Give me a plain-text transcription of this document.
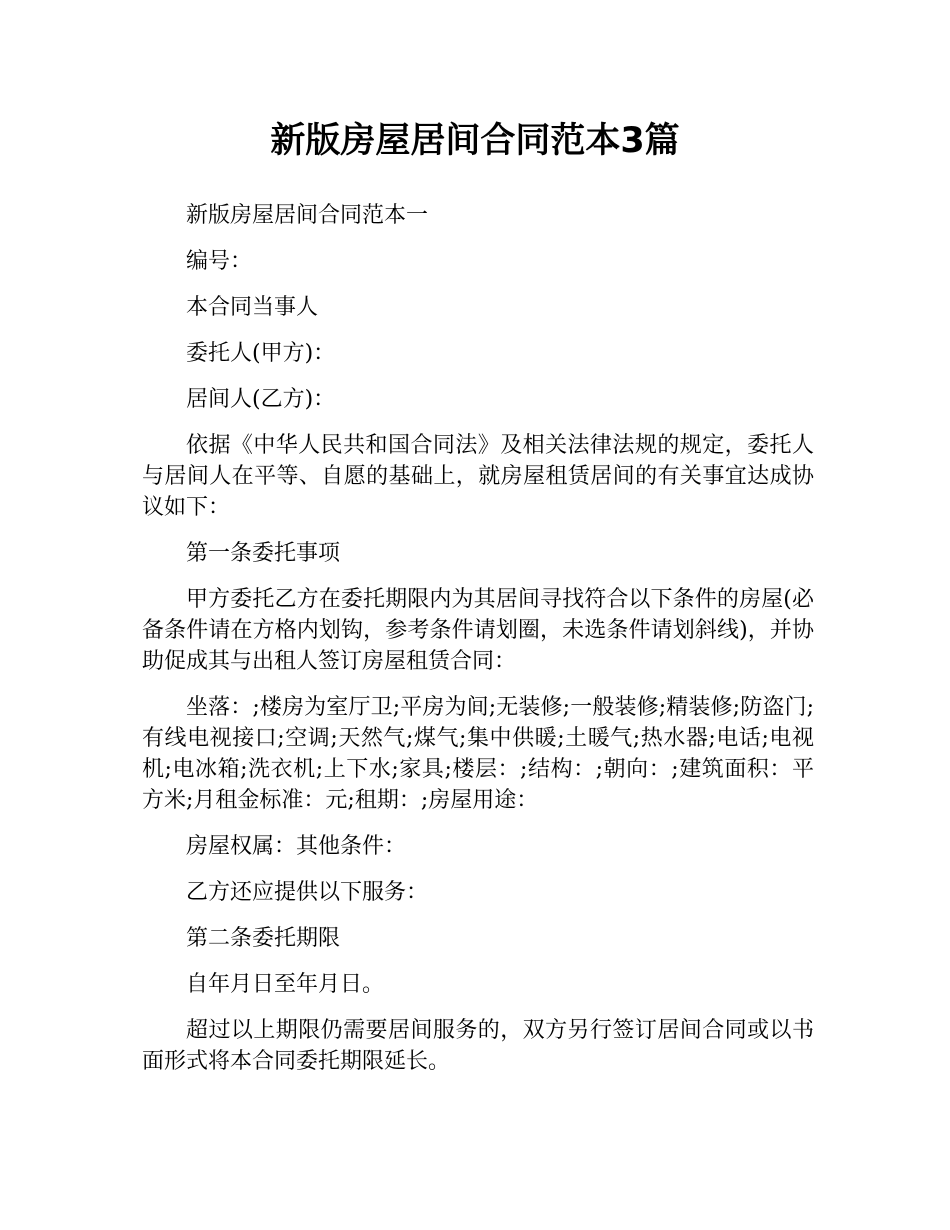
新版房屋居间合同范本3篇

新版房屋居间合同范本一

编号：

本合同当事人

委托人(甲方)：

居间人(乙方)：

依据《中华人民共和国合同法》及相关法律法规的规定，委托人与居间人在平等、自愿的基础上，就房屋租赁居间的有关事宜达成协议如下：

第一条委托事项

甲方委托乙方在委托期限内为其居间寻找符合以下条件的房屋(必备条件请在方格内划钩，参考条件请划圈，未选条件请划斜线)，并协助促成其与出租人签订房屋租赁合同：

坐落：;楼房为室厅卫;平房为间;无装修;一般装修;精装修;防盗门;有线电视接口;空调;天然气;煤气;集中供暖;土暖气;热水器;电话;电视机;电冰箱;洗衣机;上下水;家具;楼层：;结构：;朝向：;建筑面积：平方米;月租金标准：元;租期：;房屋用途：

房屋权属：其他条件：

乙方还应提供以下服务：

第二条委托期限

自年月日至年月日。

超过以上期限仍需要居间服务的，双方另行签订居间合同或以书面形式将本合同委托期限延长。
